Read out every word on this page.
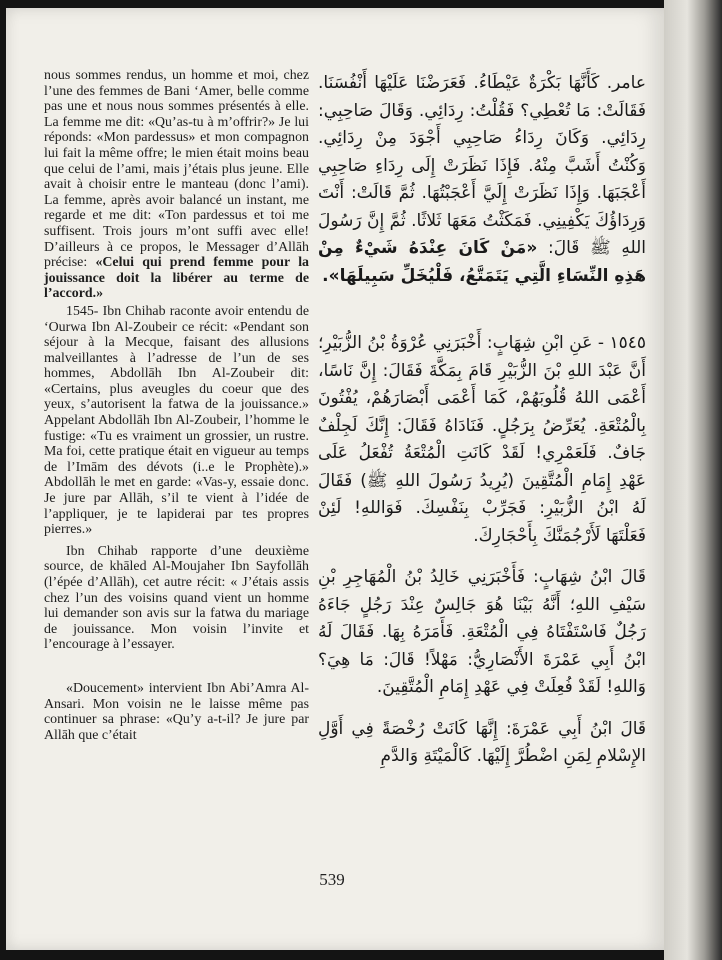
nous sommes rendus, un homme et moi, chez l’une des femmes de Bani ‘Amer, belle comme pas une et nous nous sommes présentés à elle. La femme me dit: «Qu’as-tu à m’offrir?» Je lui réponds: «Mon pardessus» et mon compagnon lui fait la même offre; le mien était moins beau que celui de l’ami, mais j’étais plus jeune. Elle avait à choisir entre le manteau (donc l’ami). La femme, après avoir balancé un instant, me regarde et me dit: «Ton pardessus et toi me suffisent. Trois jours m’ont suffi avec elle! D’ailleurs à ce propos, le Messager d’Allāh précise: «Celui qui prend femme pour la jouissance doit la libérer au terme de l’accord.»

1545- Ibn Chihab raconte avoir entendu de ‘Ourwa Ibn Al-Zoubeir ce récit: «Pendant son séjour à la Mecque, faisant des allusions malveillantes à l’adresse de l’un de ses hommes, Abdollāh Ibn Al-Zoubeir dit: «Certains, plus aveugles du coeur que des yeux, s’autorisent la fatwa de la jouissance.» Appelant Abdollāh Ibn Al-Zoubeir, l’homme le fustige: «Tu es vraiment un grossier, un rustre. Ma foi, cette pratique était en vigueur au temps de l’Imām des dévots (i..e le Prophète).» Abdollāh le met en garde: «Vas-y, essaie donc. Je jure par Allāh, s’il te vient à l’idée de l’appliquer, je te lapiderai par tes propres pierres.»

Ibn Chihab rapporte d’une deuxième source, de khāled Al-Moujaher Ibn Sayfollāh (l’épée d’Allāh), cet autre récit: « J’étais assis chez l’un des voisins quand vient un homme lui demander son avis sur la fatwa du mariage de jouissance. Mon voisin l’invite et l’encourage à l’essayer.

«Doucement» intervient Ibn Abi’Amra Al-Ansari. Mon voisin ne le laisse même pas continuer sa phrase: «Qu’y a-t-il? Je jure par Allāh que c’était

عامر. كَأَنَّهَا بَكْرَةٌ عَيْطَاءُ. فَعَرَضْنَا عَلَيْهَا أَنْفُسَنَا. فَقَالَتْ: مَا تُعْطِي؟ فَقُلْتُ: رِدَائِي. وَقَالَ صَاحِبِي: رِدَائِي. وَكَانَ رِدَاءُ صَاحِبِي أَجْوَدَ مِنْ رِدَائِي. وَكُنْتُ أَشَبَّ مِنْهُ. فَإِذَا نَظَرَتْ إِلَى رِدَاءِ صَاحِبِي أَعْجَبَهَا. وَإِذَا نَظَرَتْ إِلَيَّ أَعْجَبْتُهَا. ثُمَّ قَالَتْ: أَنْتَ وَرِدَاؤُكَ يَكْفِينِي. فَمَكَثْتُ مَعَهَا ثَلاثًا. ثُمَّ إِنَّ رَسُولَ اللهِ ﷺ قَالَ: «مَنْ كَانَ عِنْدَهُ شَيْءٌ مِنْ هَذِهِ النِّسَاءِ الَّتِي يَتَمَتَّعُ، فَلْيُخَلِّ سَبِيلَهَا».

١٥٤٥ - عَنِ ابْنِ شِهَابٍ: أَخْبَرَنِي عُرْوَةُ بْنُ الزُّبَيْرِ؛ أَنَّ عَبْدَ اللهِ بْنَ الزُّبَيْرِ قَامَ بِمَكَّةَ فَقَالَ: إِنَّ نَاسًا، أَعْمَى اللهُ قُلُوبَهُمْ، كَمَا أَعْمَى أَبْصَارَهُمْ، يُفْتُونَ بِالْمُتْعَةِ. يُعَرِّضُ بِرَجُلٍ. فَنَادَاهُ فَقَالَ: إِنَّكَ لَجِلْفٌ جَافٌ. فَلَعَمْرِي! لَقَدْ كَانَتِ الْمُتْعَةُ تُفْعَلُ عَلَى عَهْدِ إِمَامِ الْمُتَّقِينَ (يُرِيدُ رَسُولَ اللهِ ﷺ) فَقَالَ لَهُ ابْنُ الزُّبَيْرِ: فَجَرِّبْ بِنَفْسِكَ. فَوَاللهِ! لَئِنْ فَعَلْتَهَا لَأَرْجُمَنَّكَ بِأَحْجَارِكَ.

قَالَ ابْنُ شِهَابٍ: فَأَخْبَرَنِي خَالِدُ بْنُ الْمُهَاجِرِ بْنِ سَيْفِ اللهِ؛ أَنَّهُ بَيْنَا هُوَ جَالِسٌ عِنْدَ رَجُلٍ جَاءَهُ رَجُلٌ فَاسْتَفْتَاهُ فِي الْمُتْعَةِ. فَأَمَرَهُ بِهَا. فَقَالَ لَهُ ابْنُ أَبِي عَمْرَةَ الأَنْصَارِيُّ: مَهْلاً! قَالَ: مَا هِيَ؟ وَاللهِ! لَقَدْ فُعِلَتْ فِي عَهْدِ إِمَامِ الْمُتَّقِينَ.

قَالَ ابْنُ أَبِي عَمْرَةَ: إِنَّهَا كَانَتْ رُخْصَةً فِي أَوَّلِ الإِسْلامِ لِمَنِ اضْطُرَّ إِلَيْهَا. كَالْمَيْتَةِ وَالدَّمِ

539
